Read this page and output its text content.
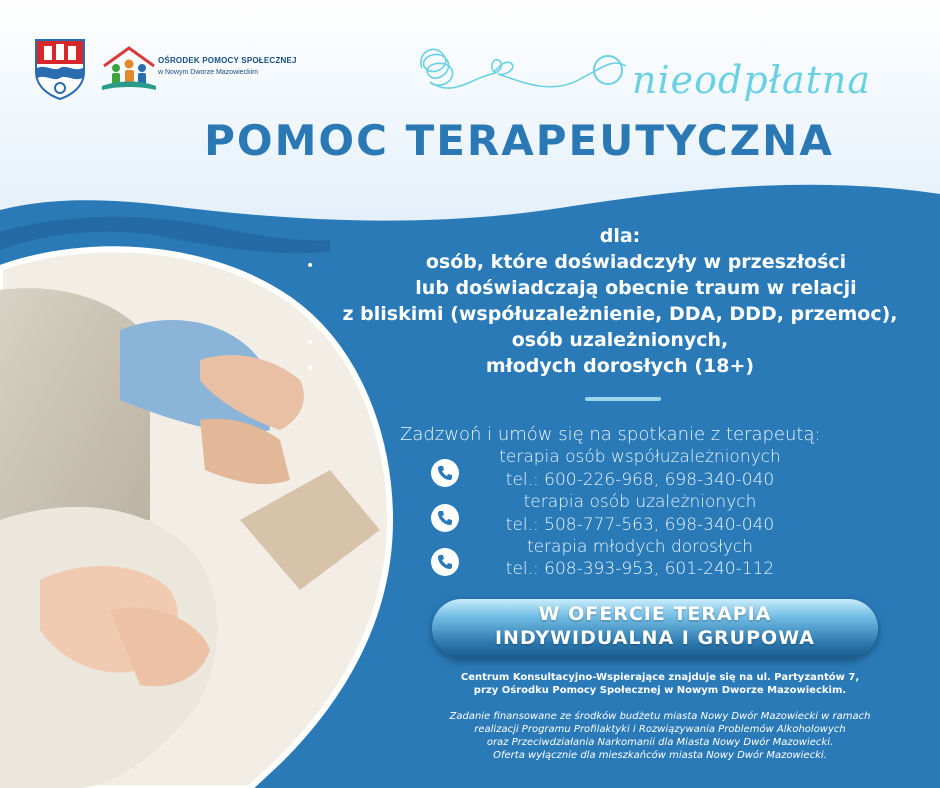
OŚRODEK POMOCY SPOŁECZNEJ
w Nowym Dworze Mazowieckim	nieodpłatna
POMOC TERAPEUTYCZNA
dla:
•	osób, które doświadczyły w przeszłości
lub doświadczają obecnie traum w relacji
z bliskimi (współuzależnienie, DDA, DDD, przemoc),
•	osób uzależnionych,
•	młodych dorosłych (18+)
Zadzwoń i umów się na spotkanie z terapeutą:
terapia osób współuzależnionych
tel.: 600-226-968, 698-340-040
terapia osób uzależnionych
tel.: 508-777-563, 698-340-040
terapia młodych dorosłych
tel.: 608-393-953, 601-240-112
W OFERCIE TERAPIA
INDYWIDUALNA I GRUPOWA
Centrum Konsultacyjno-Wspierające znajduje się na ul. Partyzantów 7,
przy Ośrodku Pomocy Społecznej w Nowym Dworze Mazowieckim.
Zadanie finansowane ze środków budżetu miasta Nowy Dwór Mazowiecki w ramach
realizacji Programu Profilaktyki i Rozwiązywania Problemów Alkoholowych
oraz Przeciwdziałania Narkomanii dla Miasta Nowy Dwór Mazowiecki.
Oferta wyłącznie dla mieszkańców miasta Nowy Dwór Mazowiecki.
